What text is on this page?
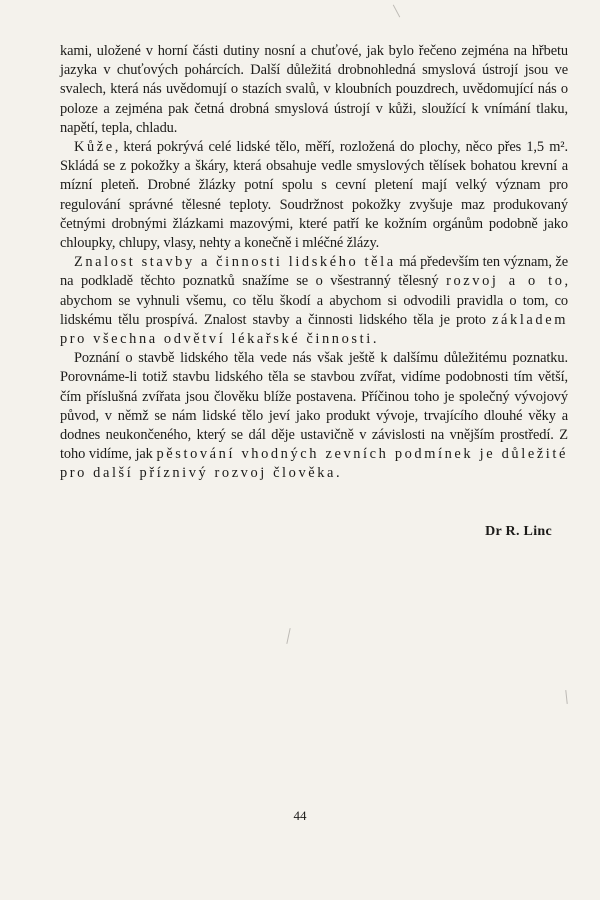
kami, uložené v horní části dutiny nosní a chuťové, jak bylo řečeno zejména na hřbetu jazyka v chuťových pohárcích. Další důležitá drobnohledná smyslová ústrojí jsou ve svalech, která nás uvědomují o stazích svalů, v kloubních pouzdrech, uvědomující nás o poloze a zejména pak četná drobná smyslová ústrojí v kůži, sloužící k vnímání tlaku, napětí, tepla, chladu.

Kůže, která pokrývá celé lidské tělo, měří, rozložená do plochy, něco přes 1,5 m². Skládá se z pokožky a škáry, která obsahuje vedle smyslových tělísek bohatou krevní a mízní pleteň. Drobné žlázky potní spolu s cevní pletení mají velký význam pro regulování správné tělesné teploty. Soudržnost pokožky zvyšuje maz produkovaný četnými drobnými žlázkami mazovými, které patří ke kožním orgánům podobně jako chloupky, chlupy, vlasy, nehty a konečně i mléčné žlázy.

Znalost stavby a činnosti lidského těla má především ten význam, že na podkladě těchto poznatků snažíme se o všestranný tělesný rozvoj a o to, abychom se vyhnuli všemu, co tělu škodí a abychom si odvodili pravidla o tom, co lidskému tělu prospívá. Znalost stavby a činnosti lidského těla je proto základem pro všechna odvětví lékařské činnosti.

Poznání o stavbě lidského těla vede nás však ještě k dalšímu důležitému poznatku. Porovnáme-li totiž stavbu lidského těla se stavbou zvířat, vidíme podobnosti tím větší, čím příslušná zvířata jsou člověku blíže postavena. Příčinou toho je společný vývojový původ, v němž se nám lidské tělo jeví jako produkt vývoje, trvajícího dlouhé věky a dodnes neukončeného, který se dál děje ustavičně v závislosti na vnějším prostředí. Z toho vidíme, jak pěstování vhodných zevních podmínek je důležité pro další příznivý rozvoj člověka.

Dr R. Linc
44
